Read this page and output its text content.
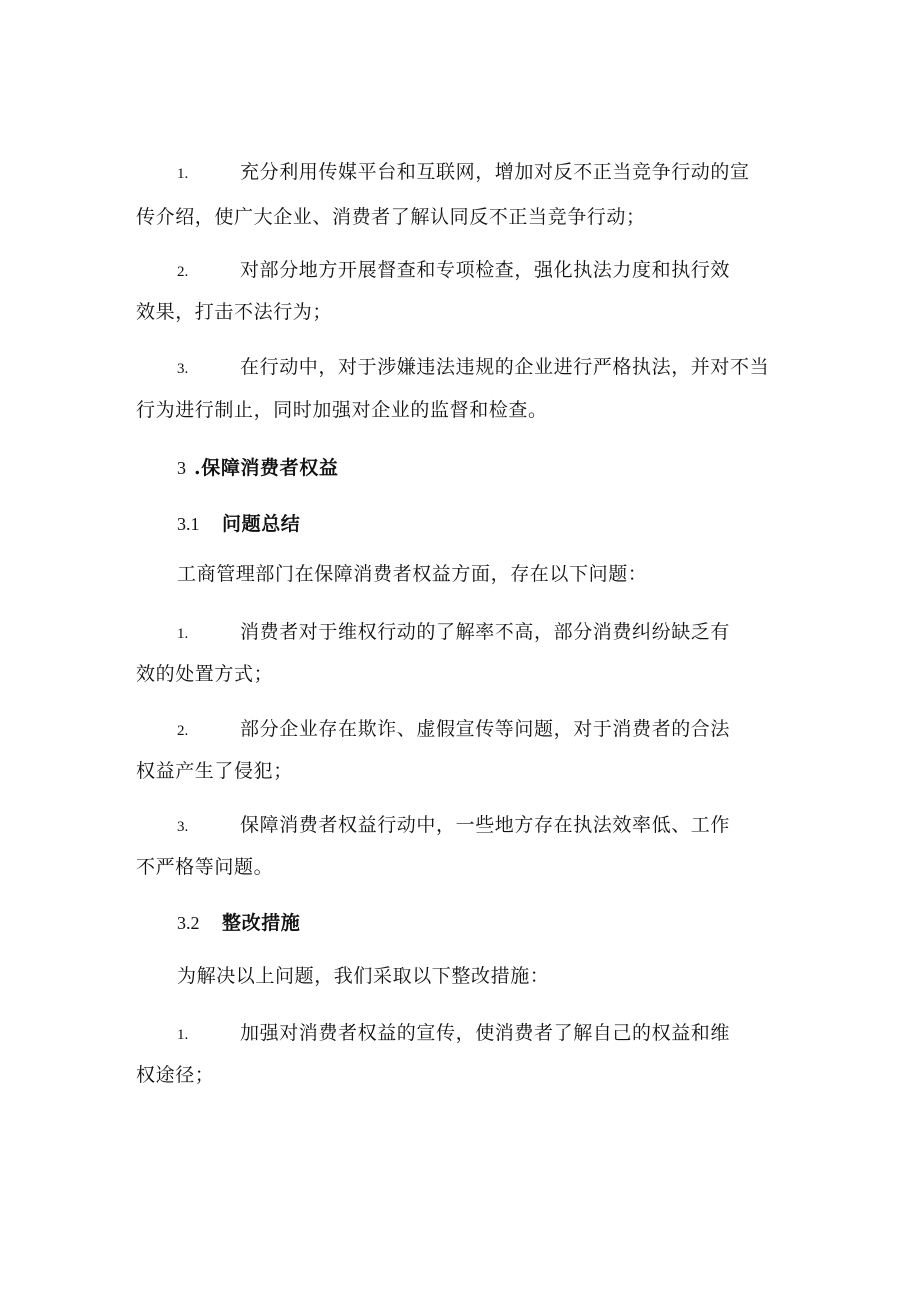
1.	充分利用传媒平台和互联网，增加对反不正当竞争行动的宣
传介绍，使广大企业、消费者了解认同反不正当竞争行动；
2.	对部分地方开展督查和专项检查，强化执法力度和执行效
效果，打击不法行为；
3.	在行动中，对于涉嫌违法违规的企业进行严格执法，并对不当
行为进行制止，同时加强对企业的监督和检查。
3 .保障消费者权益
3.1 问题总结
工商管理部门在保障消费者权益方面，存在以下问题：
1.	消费者对于维权行动的了解率不高，部分消费纠纷缺乏有
效的处置方式；
2.	部分企业存在欺诈、虚假宣传等问题，对于消费者的合法
权益产生了侵犯；
3.	保障消费者权益行动中，一些地方存在执法效率低、工作
不严格等问题。
3.2 整改措施
为解决以上问题，我们采取以下整改措施：
1.	加强对消费者权益的宣传，使消费者了解自己的权益和维
权途径；
